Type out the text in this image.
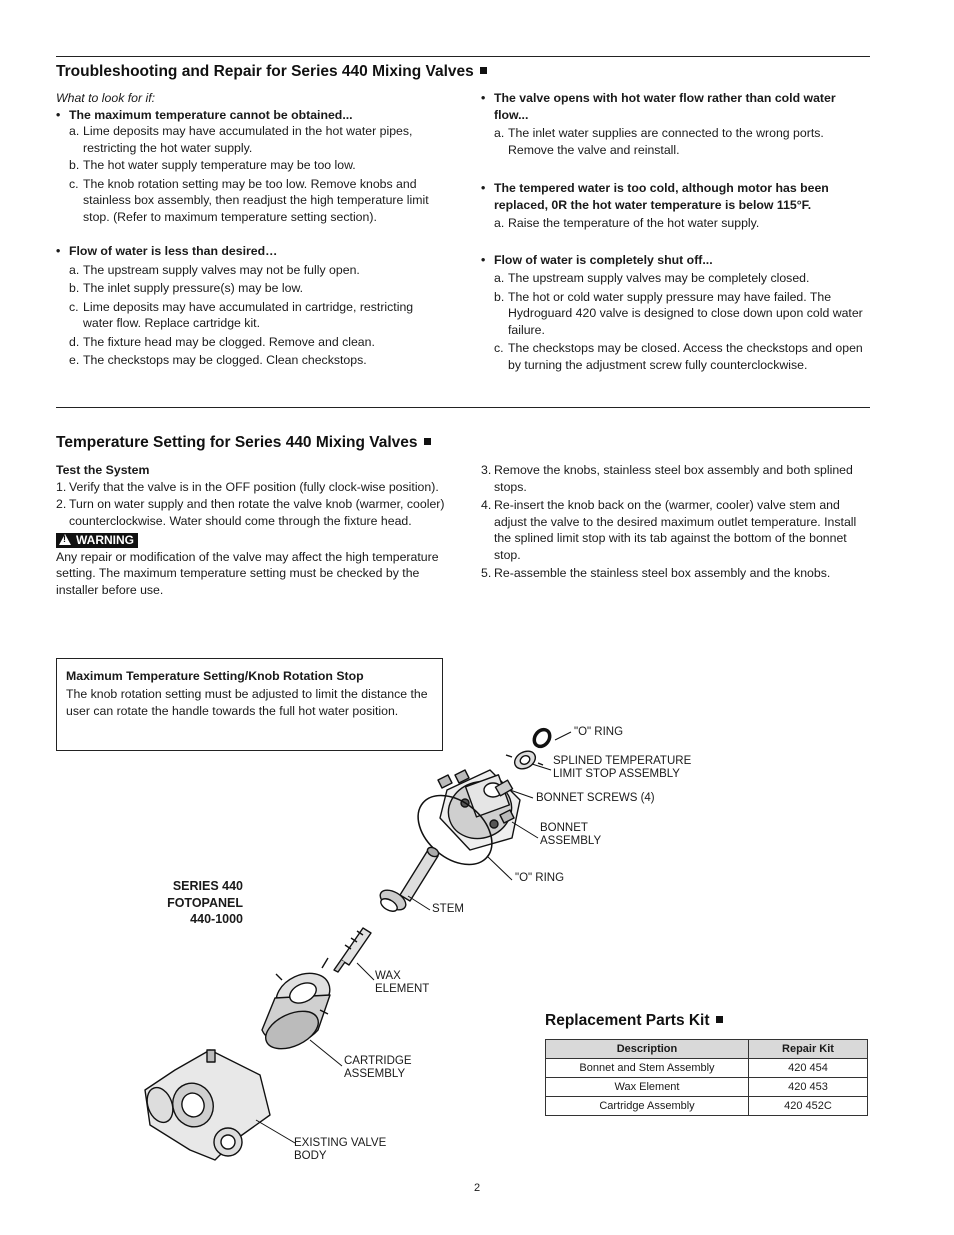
Troubleshooting and Repair for Series 440 Mixing Valves
What to look for if:
• The maximum temperature cannot be obtained...
a. Lime deposits may have accumulated in the hot water pipes, restricting the hot water supply.
b. The hot water supply temperature may be too low.
c. The knob rotation setting may be too low. Remove knobs and stainless box assembly, then readjust the high temperature limit stop. (Refer to maximum temperature setting section).
• Flow of water is less than desired…
a. The upstream supply valves may not be fully open.
b. The inlet supply pressure(s) may be low.
c. Lime deposits may have accumulated in cartridge, restricting water flow. Replace cartridge kit.
d. The fixture head may be clogged. Remove and clean.
e. The checkstops may be clogged. Clean checkstops.
• The valve opens with hot water flow rather than cold water flow...
a. The inlet water supplies are connected to the wrong ports. Remove the valve and reinstall.
• The tempered water is too cold, although motor has been replaced, 0R the hot water temperature is below 115°F.
a. Raise the temperature of the hot water supply.
• Flow of water is completely shut off...
a. The upstream supply valves may be completely closed.
b. The hot or cold water supply pressure may have failed. The Hydroguard 420 valve is designed to close down upon cold water failure.
c. The checkstops may be closed. Access the checkstops and open by turning the adjustment screw fully counterclockwise.
Temperature Setting for Series 440 Mixing Valves
Test the System
1. Verify that the valve is in the OFF position (fully clock-wise position).
2. Turn on water supply and then rotate the valve knob (warmer, cooler) counterclockwise. Water should come through the fixture head.
!WARNING
Any repair or modification of the valve may affect the high temperature setting. The maximum temperature setting must be checked by the installer before use.
3. Remove the knobs, stainless steel box assembly and both splined stops.
4. Re-insert the knob back on the (warmer, cooler) valve stem and adjust the valve to the desired maximum outlet temperature. Install the splined limit stop with its tab against the bottom of the bonnet stop.
5. Re-assemble the stainless steel box assembly and the knobs.
Maximum Temperature Setting/Knob Rotation Stop
The knob rotation setting must be adjusted to limit the distance the user can rotate the handle towards the full hot water position.
"O" RING
SPLINED TEMPERATURE
LIMIT STOP ASSEMBLY
BONNET SCREWS (4)
BONNET
ASSEMBLY
"O" RING
STEM
WAX
ELEMENT
CARTRIDGE
ASSEMBLY
EXISTING VALVE
BODY
SERIES 440
FOTOPANEL
440-1000
Replacement Parts Kit
Description	Repair Kit
Bonnet and Stem Assembly	420 454
Wax Element	420 453
Cartridge Assembly	420 452C
2
